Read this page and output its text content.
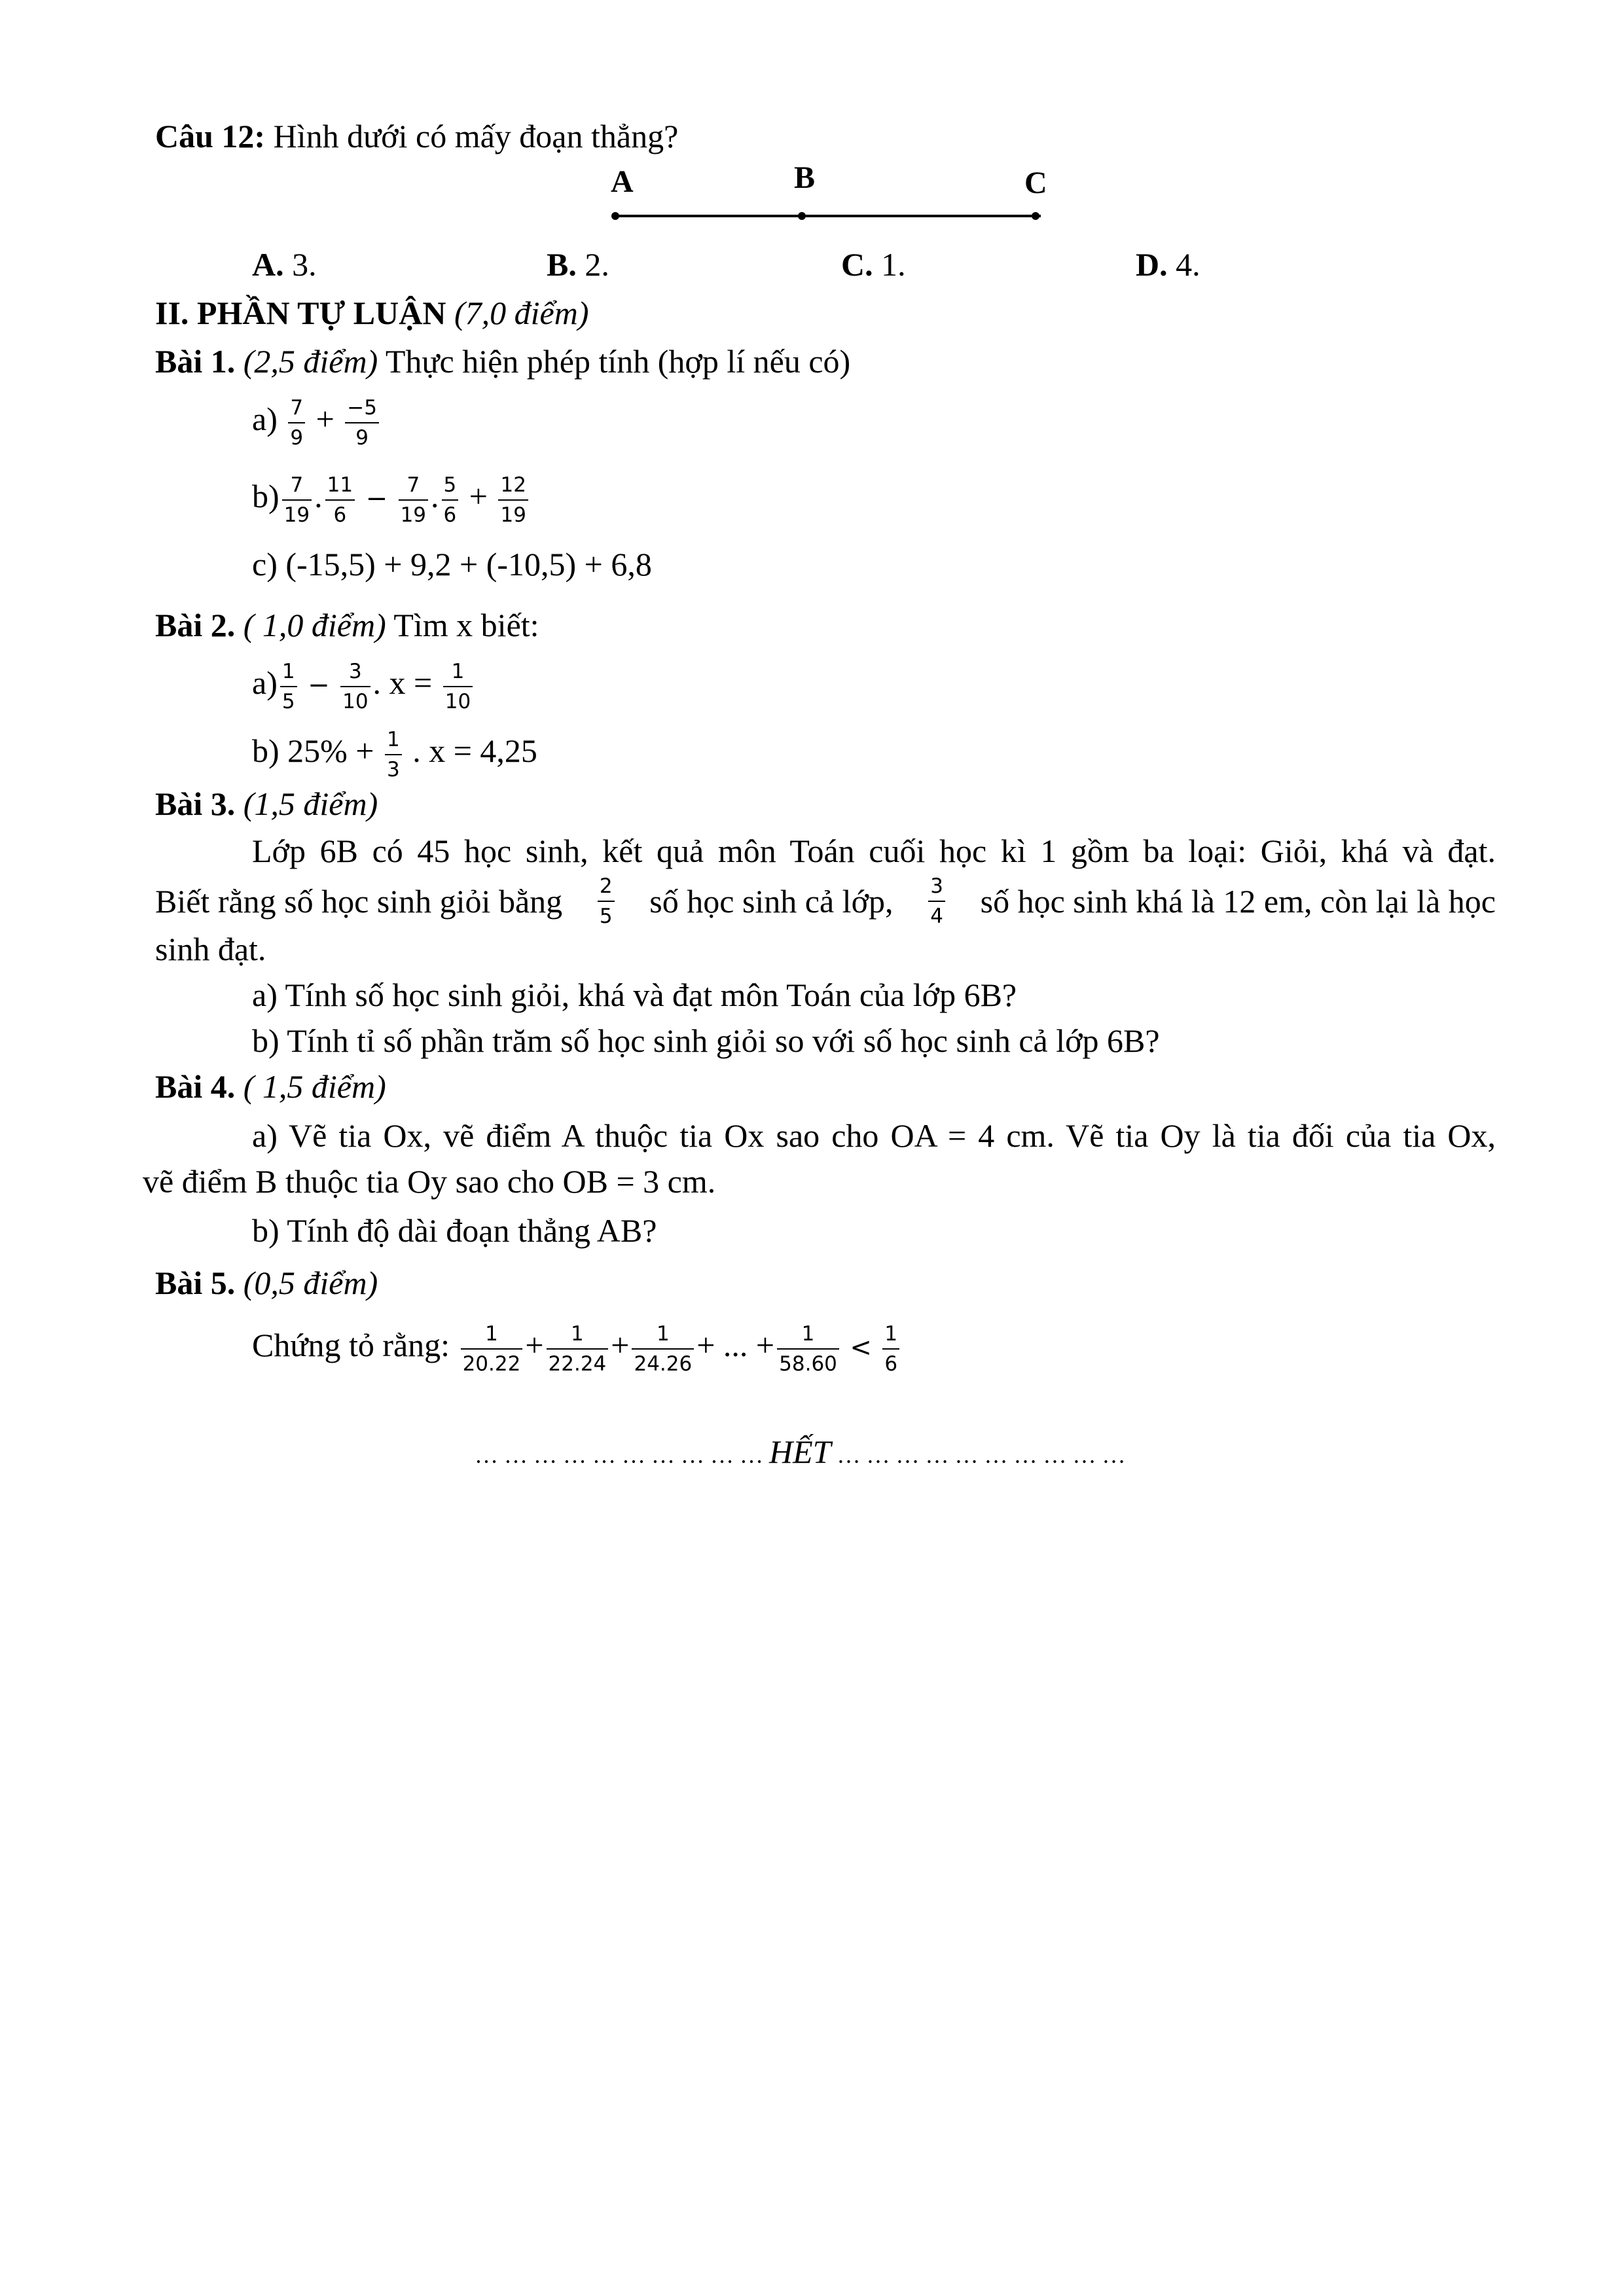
Câu 12: Hình dưới có mấy đoạn thẳng?
A	B	C
A. 3.	B. 2.	C. 1.	D. 4.
II. PHẦN TỰ LUẬN (7,0 điểm)
Bài 1. (2,5 điểm) Thực hiện phép tính (hợp lí nếu có)
$a) \frac{7}{9} + \frac{-5}{9}$
$b) \frac{7}{19}$ . $\frac{11}{6} - \frac{7}{19}$ . $\frac{5}{6} + \frac{12}{19}$
c) (-15,5) + 9,2 + (-10,5) + 6,8
Bài 2. ( 1,0 điểm) Tìm x biết:
$a) \frac{1}{5} - \frac{3}{10}$ . $x = \frac{1}{10}$
b) $25\% + \frac{1}{3}$ . x = 4,25
Bài 3. (1,5 điểm)
Lớp 6B có 45 học sinh, kết quả môn Toán cuối học kì 1 gồm ba loại: Giỏi, khá và đạt.
Biết rằng số học sinh giỏi bằng $\frac{2}{5}$ số học sinh cả lớp, $\frac{3}{4}$ số học sinh khá là 12 em, còn lại là học
sinh đạt.
a) Tính số học sinh giỏi, khá và đạt môn Toán của lớp 6B?
b) Tính tỉ số phần trăm số học sinh giỏi so với số học sinh cả lớp 6B?
Bài 4. ( 1,5 điểm)
a) Vẽ tia Ox, vẽ điểm A thuộc tia Ox sao cho OA = 4 cm. Vẽ tia Oy là tia đối của tia Ox,
vẽ điểm B thuộc tia Oy sao cho OB = 3 cm.
b) Tính độ dài đoạn thẳng AB?
Bài 5. (0,5 điểm)
Chứng tỏ rằng: $\frac{1}{20.22} + \frac{1}{22.24} + \frac{1}{24.26}$ + ... + $\frac{1}{58.60} < \frac{1}{6}$
… … … … … … … … … … HẾT … … … … … … … … … …
